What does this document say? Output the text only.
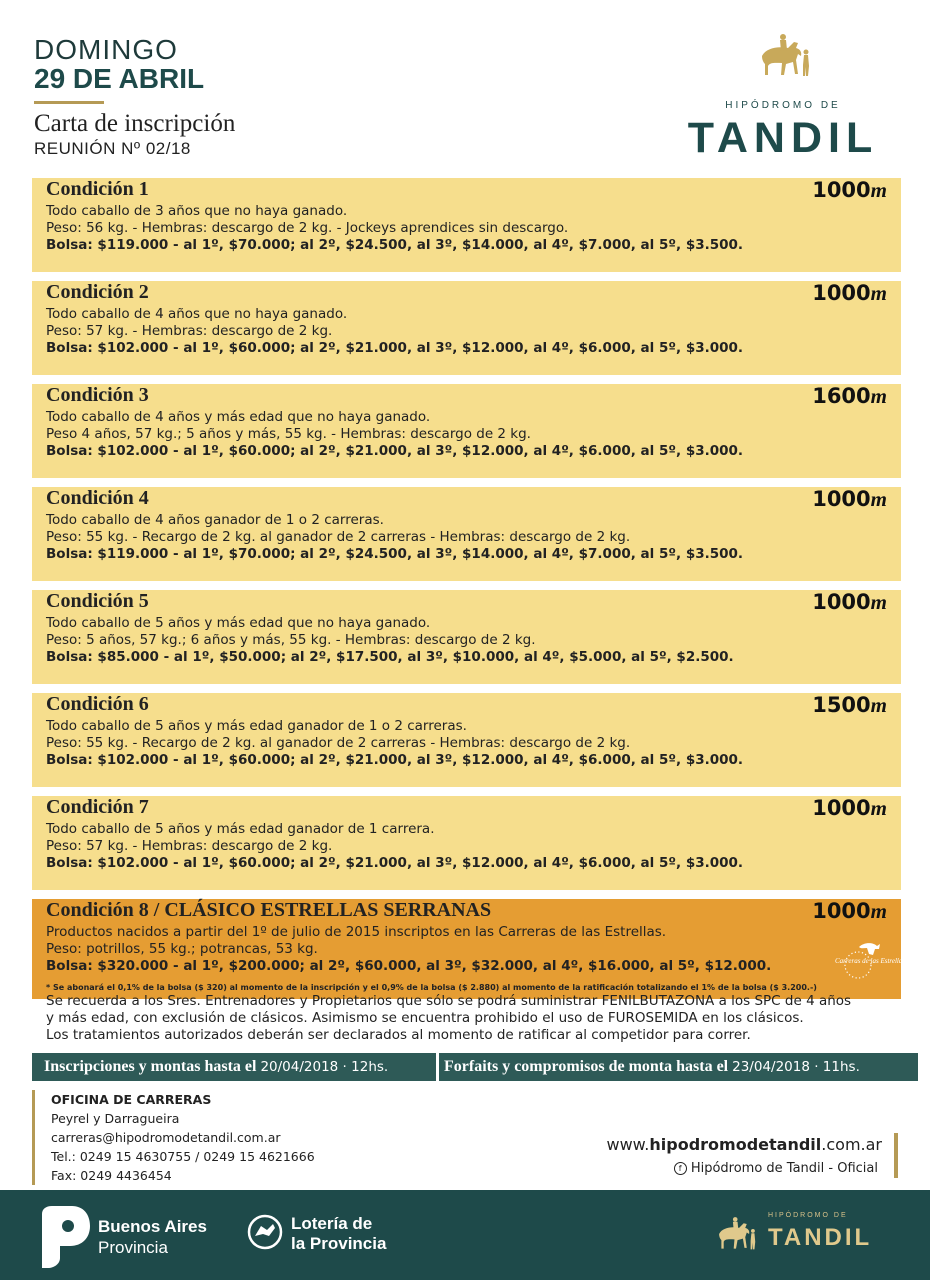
DOMINGO
29 DE ABRIL
Carta de inscripción
REUNIÓN Nº 02/18
HIPÓDROMO DE
TANDIL
Condición 1	1000m
Todo caballo de 3 años que no haya ganado.
Peso: 56 kg. - Hembras: descargo de 2 kg. - Jockeys aprendices sin descargo.
Bolsa: $119.000 - al 1º, $70.000; al 2º, $24.500, al 3º, $14.000, al 4º, $7.000, al 5º, $3.500.
Condición 2	1000m
Todo caballo de 4 años que no haya ganado.
Peso: 57 kg. - Hembras: descargo de 2 kg.
Bolsa: $102.000 - al 1º, $60.000; al 2º, $21.000, al 3º, $12.000, al 4º, $6.000, al 5º, $3.000.
Condición 3	1600m
Todo caballo de 4 años y más edad que no haya ganado.
Peso 4 años, 57 kg.; 5 años y más, 55 kg. - Hembras: descargo de 2 kg.
Bolsa: $102.000 - al 1º, $60.000; al 2º, $21.000, al 3º, $12.000, al 4º, $6.000, al 5º, $3.000.
Condición 4	1000m
Todo caballo de 4 años ganador de 1 o 2 carreras.
Peso: 55 kg. - Recargo de 2 kg. al ganador de 2 carreras - Hembras: descargo de 2 kg.
Bolsa: $119.000 - al 1º, $70.000; al 2º, $24.500, al 3º, $14.000, al 4º, $7.000, al 5º, $3.500.
Condición 5	1000m
Todo caballo de 5 años y más edad que no haya ganado.
Peso: 5 años, 57 kg.; 6 años y más, 55 kg. - Hembras: descargo de 2 kg.
Bolsa: $85.000 - al 1º, $50.000; al 2º, $17.500, al 3º, $10.000, al 4º, $5.000, al 5º, $2.500.
Condición 6	1500m
Todo caballo de 5 años y más edad ganador de 1 o 2 carreras.
Peso: 55 kg. - Recargo de 2 kg. al ganador de 2 carreras - Hembras: descargo de 2 kg.
Bolsa: $102.000 - al 1º, $60.000; al 2º, $21.000, al 3º, $12.000, al 4º, $6.000, al 5º, $3.000.
Condición 7	1000m
Todo caballo de 5 años y más edad ganador de 1 carrera.
Peso: 57 kg. - Hembras: descargo de 2 kg.
Bolsa: $102.000 - al 1º, $60.000; al 2º, $21.000, al 3º, $12.000, al 4º, $6.000, al 5º, $3.000.
Condición 8 / CLÁSICO ESTRELLAS SERRANAS	1000m
Productos nacidos a partir del 1º de julio de 2015 inscriptos en las Carreras de las Estrellas.
Peso: potrillos, 55 kg.; potrancas, 53 kg.
Bolsa: $320.000 - al 1º, $200.000; al 2º, $60.000, al 3º, $32.000, al 4º, $16.000, al 5º, $12.000.
* Se abonará el 0,1% de la bolsa ($ 320) al momento de la inscripción y el 0,9% de la bolsa ($ 2.880) al momento de la ratificación totalizando el 1% de la bolsa ($ 3.200.-)
Carreras de las Estrellas
Se recuerda a los Sres. Entrenadores y Propietarios que sólo se podrá suministrar FENILBUTAZONA a los SPC de 4 años
y más edad, con exclusión de clásicos. Asimismo se encuentra prohibido el uso de FUROSEMIDA en los clásicos.
Los tratamientos autorizados deberán ser declarados al momento de ratificar al competidor para correr.
Inscripciones y montas hasta el 20/04/2018 · 12hs.	Forfaits y compromisos de monta hasta el 23/04/2018 · 11hs.
OFICINA DE CARRERAS
Peyrel y Darragueira
carreras@hipodromodetandil.com.ar
Tel.: 0249 15 4630755 / 0249 15 4621666
Fax: 0249 4436454
www.hipodromodetandil.com.ar
f Hipódromo de Tandil - Oficial
Buenos Aires
Provincia
Lotería de
la Provincia
HIPÓDROMO DE
TANDIL
